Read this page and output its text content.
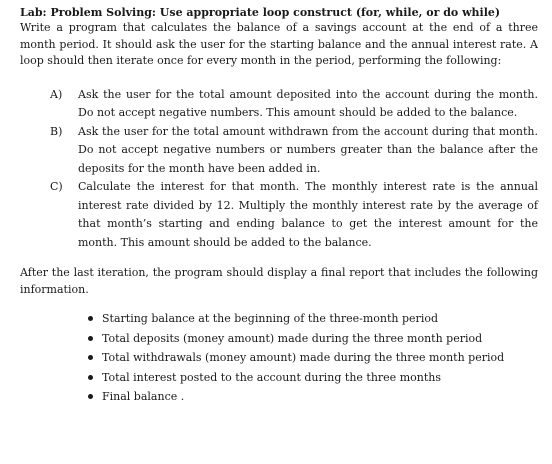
Lab: Problem Solving: Use appropriate loop construct (for, while, or do while)

Write a program that calculates the balance of a savings account at the end of a three month period. It should ask the user for the starting balance and the annual interest rate. A loop should then iterate once for every month in the period, performing the following:

A)	Ask the user for the total amount deposited into the account during the month. Do not accept negative numbers. This amount should be added to the balance.
B)	Ask the user for the total amount withdrawn from the account during that month. Do not accept negative numbers or numbers greater than the balance after the deposits for the month have been added in.
C)	Calculate the interest for that month. The monthly interest rate is the annual interest rate divided by 12. Multiply the monthly interest rate by the average of that month’s starting and ending balance to get the interest amount for the month. This amount should be added to the balance.

After the last iteration, the program should display a final report that includes the following information.

Starting balance at the beginning of the three-month period
Total deposits (money amount) made during the three month period
Total withdrawals (money amount) made during the three month period
Total interest posted to the account during the three months
Final balance .
